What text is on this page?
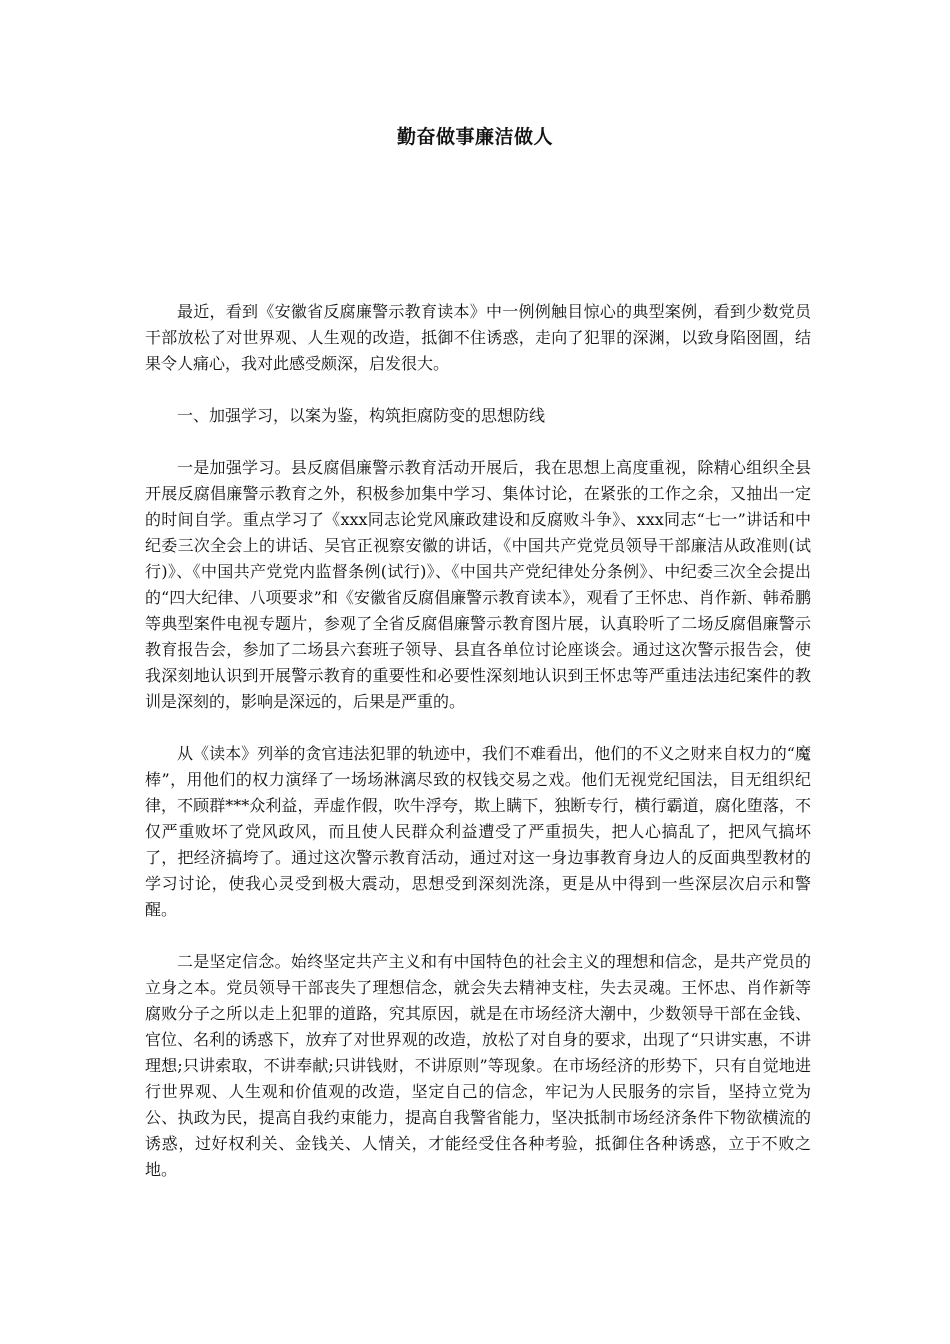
勤奋做事廉洁做人

最近，看到《安徽省反腐廉警示教育读本》中一例例触目惊心的典型案例，看到少数党员干部放松了对世界观、人生观的改造，抵御不住诱惑，走向了犯罪的深渊，以致身陷囹圄，结果令人痛心，我对此感受颇深，启发很大。

一、加强学习，以案为鉴，构筑拒腐防变的思想防线

一是加强学习。县反腐倡廉警示教育活动开展后，我在思想上高度重视，除精心组织全县开展反腐倡廉警示教育之外，积极参加集中学习、集体讨论，在紧张的工作之余，又抽出一定的时间自学。重点学习了《xxx同志论党风廉政建设和反腐败斗争》、xxx同志“七一”讲话和中纪委三次全会上的讲话、吴官正视察安徽的讲话，《中国共产党党员领导干部廉洁从政准则(试行)》、《中国共产党党内监督条例(试行)》、《中国共产党纪律处分条例》、中纪委三次全会提出的“四大纪律、八项要求”和《安徽省反腐倡廉警示教育读本》，观看了王怀忠、肖作新、韩希鹏等典型案件电视专题片，参观了全省反腐倡廉警示教育图片展，认真聆听了二场反腐倡廉警示教育报告会，参加了二场县六套班子领导、县直各单位讨论座谈会。通过这次警示报告会，使我深刻地认识到开展警示教育的重要性和必要性深刻地认识到王怀忠等严重违法违纪案件的教训是深刻的，影响是深远的，后果是严重的。

从《读本》列举的贪官违法犯罪的轨迹中，我们不难看出，他们的不义之财来自权力的“魔棒”，用他们的权力演绎了一场场淋漓尽致的权钱交易之戏。他们无视党纪国法，目无组织纪律，不顾群***众利益，弄虚作假，吹牛浮夸，欺上瞒下，独断专行，横行霸道，腐化堕落，不仅严重败坏了党风政风，而且使人民群众利益遭受了严重损失，把人心搞乱了，把风气搞坏了，把经济搞垮了。通过这次警示教育活动，通过对这一身边事教育身边人的反面典型教材的学习讨论，使我心灵受到极大震动，思想受到深刻洗涤，更是从中得到一些深层次启示和警醒。

二是坚定信念。始终坚定共产主义和有中国特色的社会主义的理想和信念，是共产党员的立身之本。党员领导干部丧失了理想信念，就会失去精神支柱，失去灵魂。王怀忠、肖作新等腐败分子之所以走上犯罪的道路，究其原因，就是在市场经济大潮中，少数领导干部在金钱、官位、名利的诱惑下，放弃了对世界观的改造，放松了对自身的要求，出现了“只讲实惠，不讲理想;只讲索取，不讲奉献;只讲钱财，不讲原则”等现象。在市场经济的形势下，只有自觉地进行世界观、人生观和价值观的改造，坚定自己的信念，牢记为人民服务的宗旨，坚持立党为公、执政为民，提高自我约束能力，提高自我警省能力，坚决抵制市场经济条件下物欲横流的诱惑，过好权利关、金钱关、人情关，才能经受住各种考验，抵御住各种诱惑，立于不败之地。
